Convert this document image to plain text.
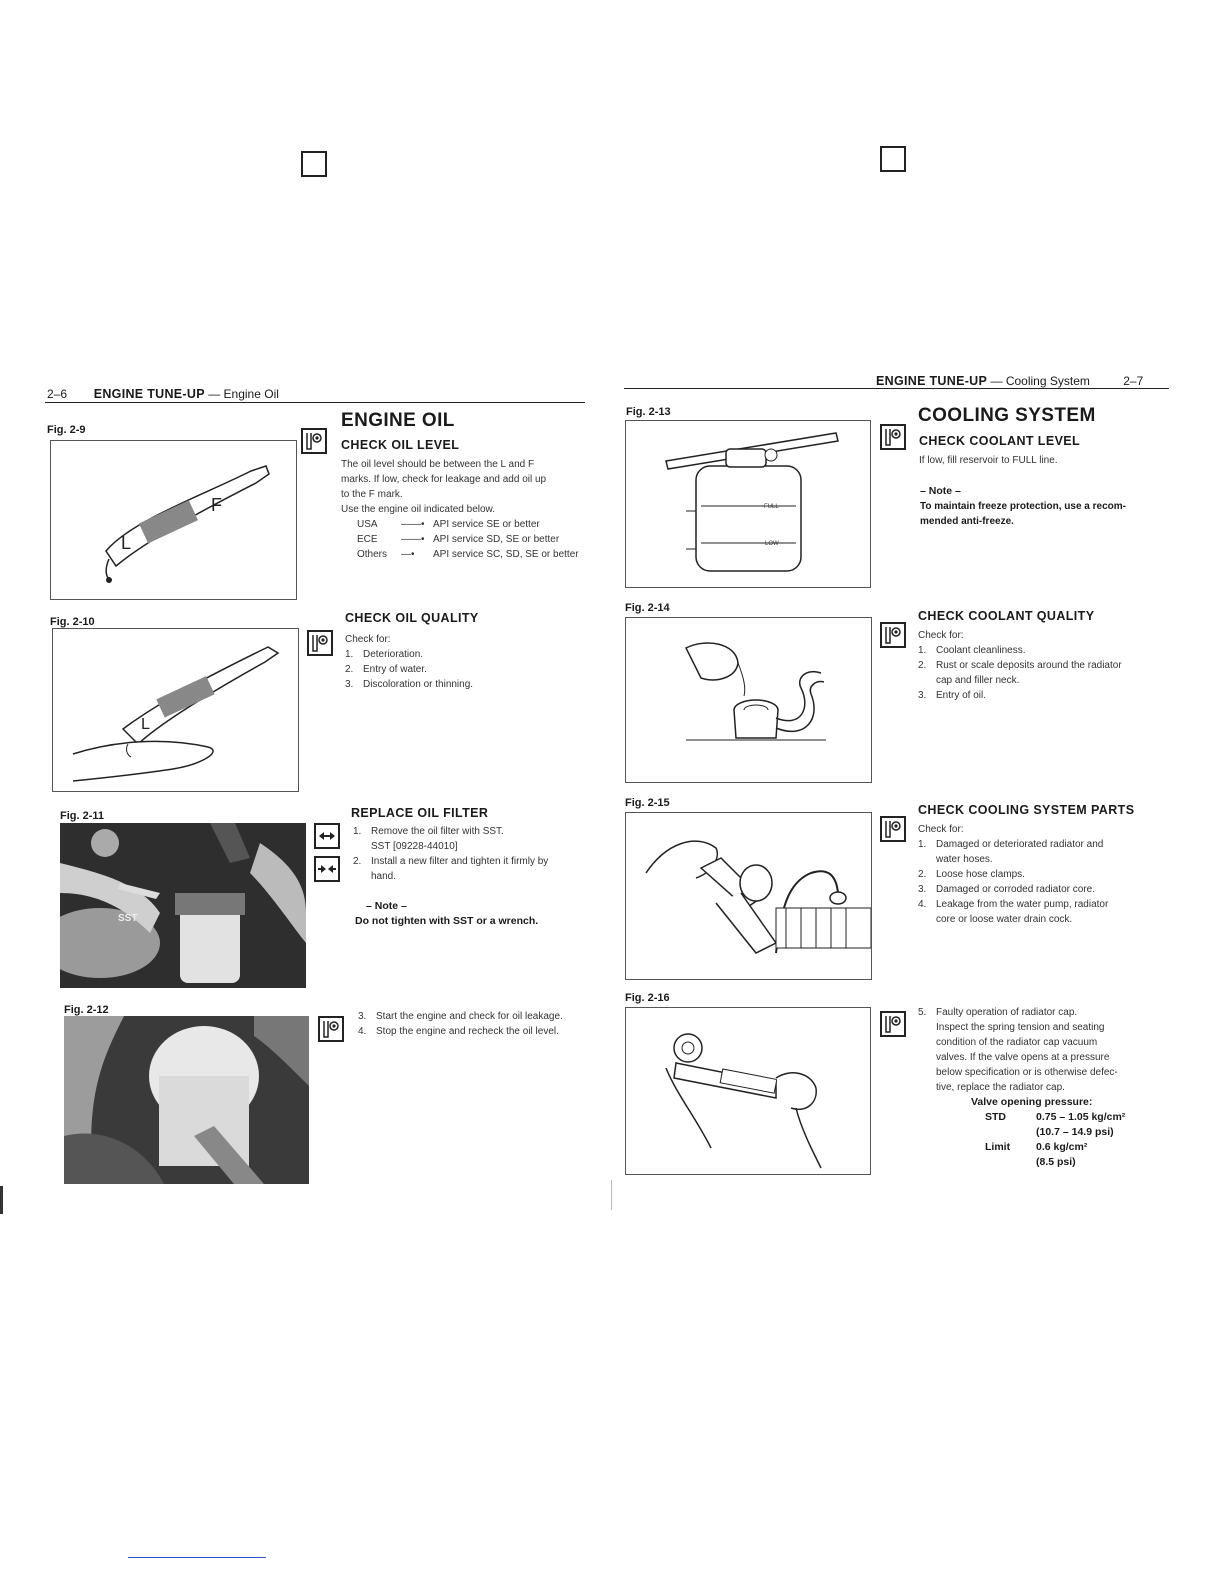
2–6 ENGINE TUNE-UP — Engine Oil
Fig. 2-9
L
F
ENGINE OIL
CHECK OIL LEVEL

The oil level should be between the L and F

marks. If low, check for leakage and add oil up

to the F mark.

Use the engine oil indicated below.

USA	——• API service SE or better
ECE	——• API service SD, SE or better
Others	—•	API service SC, SD, SE or better
Fig. 2-10
L
CHECK OIL QUALITY

Check for:

1. Deterioration.
2. Entry of water.
3. Discoloration or thinning.
Fig. 2-11
SST
REPLACE OIL FILTER
1. Remove the oil filter with SST.
SST [09228-44010]
2. Install a new filter and tighten it firmly by
hand.
– Note –
Do not tighten with SST or a wrench.
Fig. 2-12
3. Start the engine and check for oil leakage.
4. Stop the engine and recheck the oil level.
ENGINE TUNE-UP — Cooling System	2–7
Fig. 2-13
FULL
LOW
COOLING SYSTEM
CHECK COOLANT LEVEL
If low, fill reservoir to FULL line.
– Note –
To maintain freeze protection, use a recom-
mended anti-freeze.
Fig. 2-14
CHECK COOLANT QUALITY

Check for:

1. Coolant cleanliness.
2. Rust or scale deposits around the radiator
cap and filler neck.
3. Entry of oil.
Fig. 2-15	CHECK COOLING SYSTEM PARTS

Check for:

1. Damaged or deteriorated radiator and
water hoses.
2. Loose hose clamps.
3. Damaged or corroded radiator core.
4. Leakage from the water pump, radiator
core or loose water drain cock.
Fig. 2-16
5. Faulty operation of radiator cap.
Inspect the spring tension and seating
condition of the radiator cap vacuum
valves. If the valve opens at a pressure
below specification or is otherwise defec-
tive, replace the radiator cap.
Valve opening pressure:
STD	0.75 – 1.05 kg/cm²
(10.7 – 14.9 psi)
Limit 0.6 kg/cm²
(8.5 psi)
